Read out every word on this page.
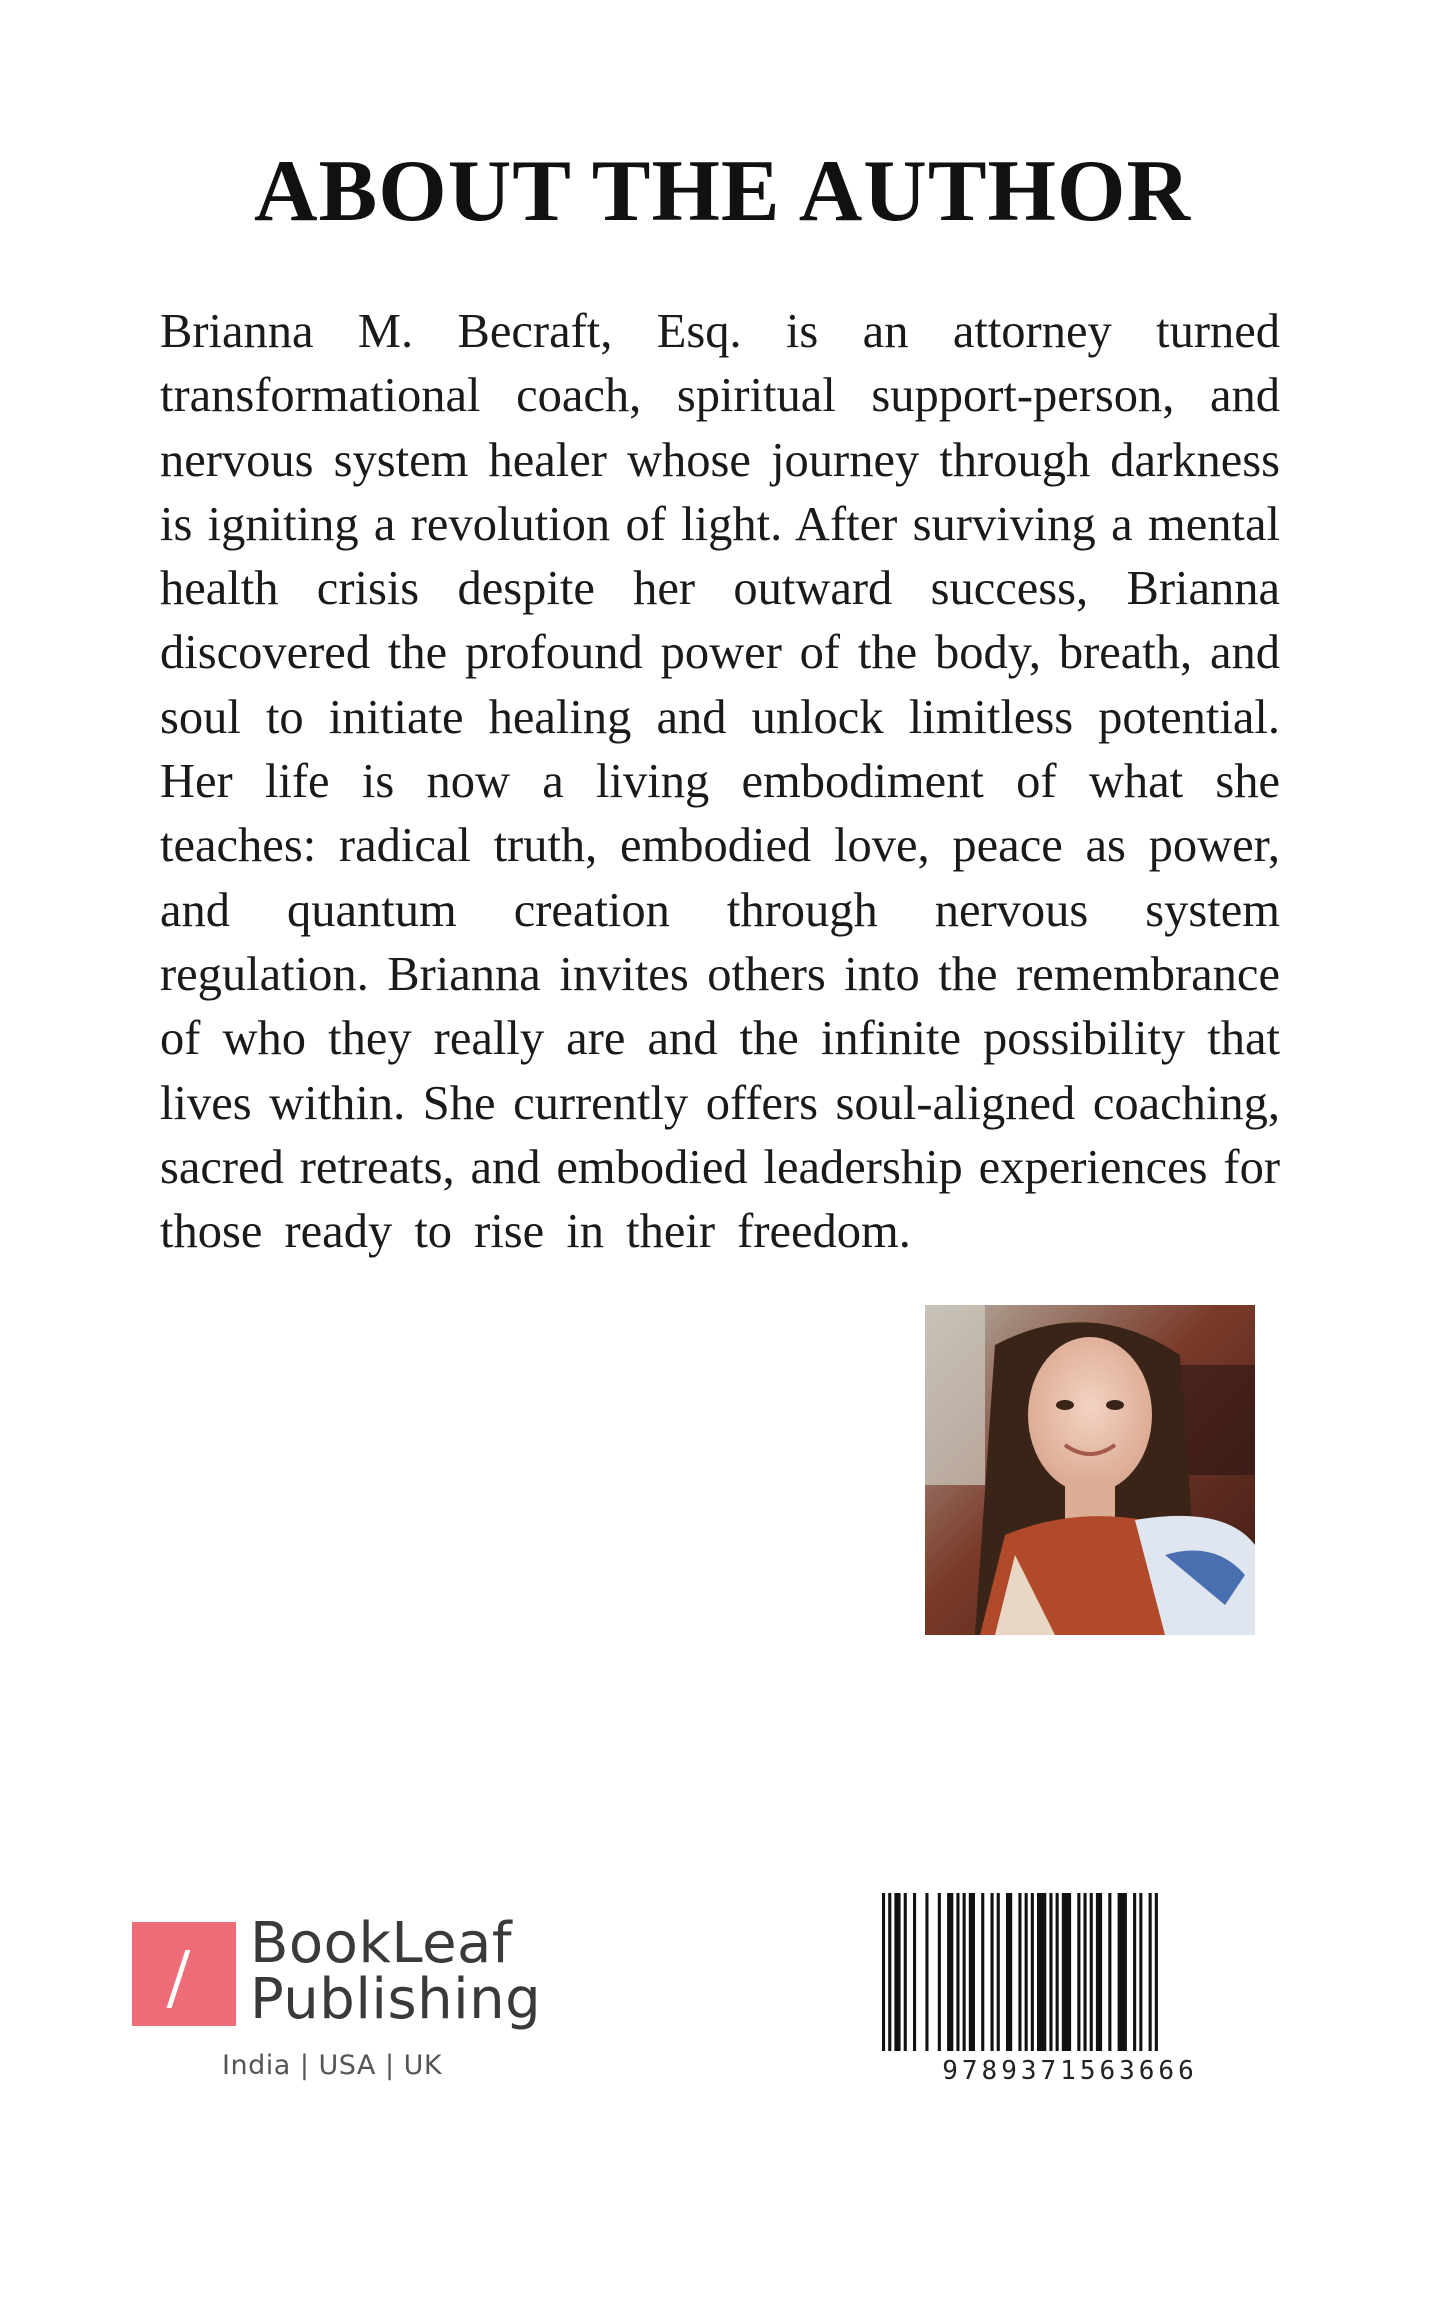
ABOUT THE AUTHOR
Brianna M. Becraft, Esq. is an attorney turned
transformational coach, spiritual support-person, and
nervous system healer whose journey through darkness
is igniting a revolution of light. After surviving a mental
health crisis despite her outward success, Brianna
discovered the profound power of the body, breath, and
soul to initiate healing and unlock limitless potential.
Her life is now a living embodiment of what she
teaches: radical truth, embodied love, peace as power,
and quantum creation through nervous system
regulation. Brianna invites others into the remembrance
of who they really are and the infinite possibility that
lives within. She currently offers soul-aligned coaching,
sacred retreats, and embodied leadership experiences for
those ready to rise in their freedom.
BookLeaf
Publishing
India | USA | UK	9789371563666
